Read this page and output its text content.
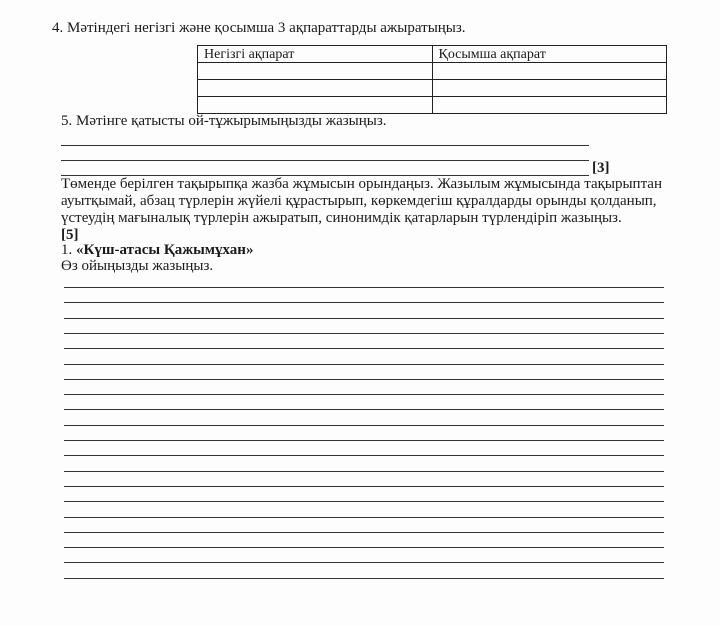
4. Мәтіндегі негізгі және қосымша 3 ақпараттарды ажыратыңыз.
Негізгі ақпарат	Қосымша ақпарат

5. Мәтінге қатысты ой-тұжырымыңызды жазыңыз.
[3]
Төменде берілген тақырыпқа жазба жұмысын орындаңыз. Жазылым жұмысында тақырыптан
ауытқымай, абзац түрлерін жүйелі құрастырып, көркемдегіш құралдарды орынды қолданып,
үстеудің мағыналық түрлерін ажыратып, синонимдік қатарларын түрлендіріп жазыңыз.
[5]
1. «Күш-атасы Қажымұхан»
Өз ойыңызды жазыңыз.
